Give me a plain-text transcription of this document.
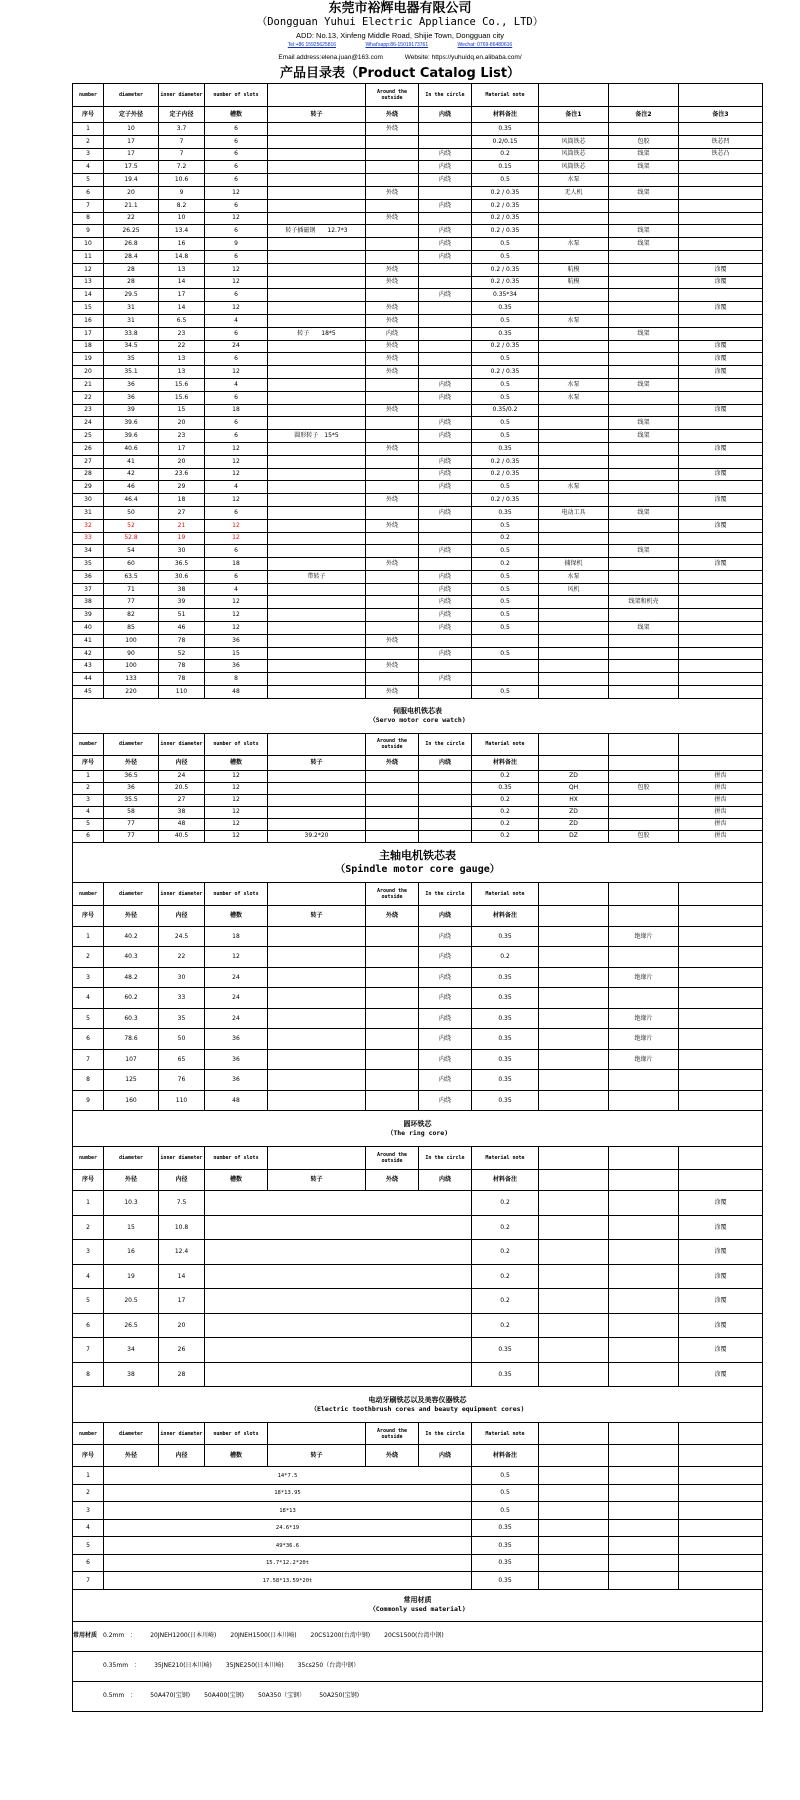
东莞市裕辉电器有限公司
（Dongguan Yuhui Electric Appliance Co., LTD）
ADD: No.13, Xinfeng Middle Road, Shijie Town, Dongguan city
Tel:+86 15925625816	What'sapp:86-15019173761	Wechat: 0769-86480616
Email address:elena.juan@163.com	Website: https://yuhuidq.en.alibaba.com/
产品目录表（Product Catalog List）
number	diameter	inner diameter	number of slots		Around the outside	In the circle	Material note			
序号	定子外径	定子内径	槽数	转子	外绕	内绕	材料备注	备注1	备注2	备注3
1	10	3.7	6		外绕		0.35			
2	17	7	6				0.2/0.15	风筒铁芯	包胶	铁芯凹
3	17	7	6			内绕	0.2	风筒铁芯	线架	铁芯凸
4	17.5	7.2	6			内绕	0.15	风筒铁芯	线架	
5	19.4	10.6	6			内绕	0.5	水泵		
6	20	9	12		外绕		0.2 / 0.35	无人机	线架	
7	21.1	8.2	6			内绕	0.2 / 0.35			
8	22	10	12		外绕		0.2 / 0.35			
9	26.25	13.4	6	转子插磁钢　　12.7*3		内绕	0.2 / 0.35		线架	
10	26.8	16	9			内绕	0.5	水泵	线架	
11	28.4	14.8	6			内绕	0.5			
12	28	13	12		外绕		0.2 / 0.35	航模		涂覆
13	28	14	12		外绕		0.2 / 0.35	航模		涂覆
14	29.5	17	6			内绕	0.35*34			
15	31	14	12		外绕		0.35			涂覆
16	31	6.5	4		外绕		0.5	水泵		
17	33.8	23	6	转子　　18*5	内绕		0.35		线架	
18	34.5	22	24		外绕		0.2 / 0.35			涂覆
19	35	13	6		外绕		0.5			涂覆
20	35.1	13	12		外绕		0.2 / 0.35			涂覆
21	36	15.6	4			内绕	0.5	水泵	线架	
22	36	15.6	6			内绕	0.5	水泵		
23	39	15	18		外绕		0.35/0.2			涂覆
24	39.6	20	6			内绕	0.5		线架	
25	39.6	23	6	圆形转子　15*5		内绕	0.5		线架	
26	40.6	17	12		外绕		0.35			涂覆
27	41	20	12			内绕	0.2 / 0.35			
28	42	23.6	12			内绕	0.2 / 0.35			涂覆
29	46	29	4			内绕	0.5	水泵		
30	46.4	18	12		外绕		0.2 / 0.35			涂覆
31	50	27	6			内绕	0.35	电动工具	线架	
32	52	21	12		外绕		0.5			涂覆
33	52.8	19	12				0.2			
34	54	30	6			内绕	0.5		线架	
35	60	36.5	18		外绕		0.2	捕保机		涂覆
36	63.5	30.6	6	带转子		内绕	0.5	水泵		
37	71	38	4			内绕	0.5	风机		
38	77	39	12			内绕	0.5		线架和机壳	
39	82	51	12			内绕	0.5			
40	85	46	12			内绕	0.5		线架	
41	100	78	36		外绕					
42	90	52	15			内绕	0.5			
43	100	78	36		外绕					
44	133	78	8			内绕				
45	220	110	48		外绕		0.5			

伺服电机铁芯表
（Servo motor core watch)										

number	diameter	inner diameter	number of slots		Around the outside	In the circle	Material note			
序号	外径	内径	槽数	转子	外绕	内绕	材料备注			
1	36.5	24	12				0.2	ZD		拼齿
2	36	20.5	12				0.35	QH	包胶	拼齿
3	35.5	27	12				0.2	HX		拼齿
4	58	38	12				0.2	ZD		拼齿
5	77	48	12				0.2	ZD		拼齿
6	77	40.5	12	39.2*20			0.2	DZ	包胶	拼齿

主轴电机铁芯表
（Spindle motor core gauge）										

number	diameter	inner diameter	number of slots		Around the outside	In the circle	Material note			
序号	外径	内径	槽数	转子	外绕	内绕	材料备注			
1	40.2	24.5	18			内绕	0.35		绝缘片	
2	40.3	22	12			内绕	0.2			
3	48.2	30	24			内绕	0.35		绝缘片	
4	60.2	33	24			内绕	0.35			
5	60.3	35	24			内绕	0.35		绝缘片	
6	78.6	50	36			内绕	0.35		绝缘片	
7	107	65	36			内绕	0.35		绝缘片	
8	125	76	36			内绕	0.35			
9	160	110	48			内绕	0.35			

圆环铁芯
（The ring core)										

number	diameter	inner diameter	number of slots		Around the outside	In the circle	Material note			
序号	外径	内径	槽数	转子	外绕	内绕	材料备注			
1	10.3	7.5					0.2			涂覆
2	15	10.8					0.2			涂覆
3	16	12.4					0.2			涂覆
4	19	14					0.2			涂覆
5	20.5	17					0.2			涂覆
6	26.5	20					0.2			涂覆
7	34	26					0.35			涂覆
8	38	28					0.35			涂覆

电动牙刷铁芯以及美容仪器铁芯
（Electric toothbrush cores and beauty equipment cores)										

number	diameter	inner diameter	number of slots		Around the outside	In the circle	Material note			
序号	外径	内径	槽数	转子	外绕	内绕	材料备注			
1	14*7.5						0.5			
2	18*13.95						0.5			
3	18*13						0.5			
4	24.6*19						0.35			
5	49*36.6						0.35			
6	15.7*12.2*20t						0.35			
7	17.58*13.59*20t						0.35			

常用材质
（Commonly used material)										

常用材质 0.2mm　： 20JNEH1200(日本川崎) 20JNEH1500(日本川崎) 20CS1200(台湾中钢) 20CS1500(台湾中钢)										
0.35mm　： 35JNE210(日本川崎) 35JNE250(日本川崎) 35cs250（台湾中钢）										
0.5mm　： 50A470(宝钢) 50A400(宝钢) 50A350（宝钢） 50A250(宝钢)										
